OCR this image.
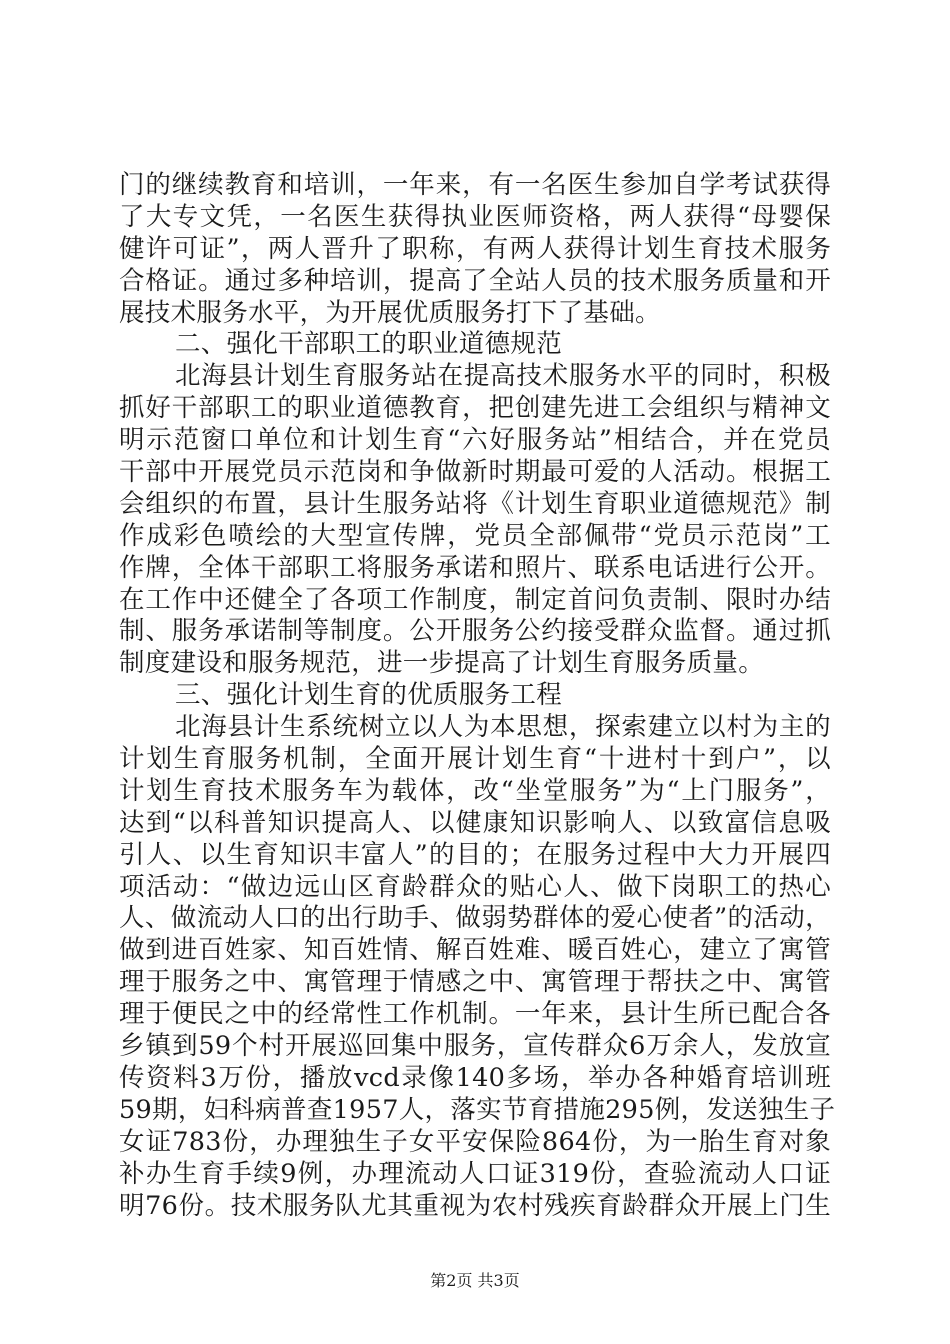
门的继续教育和培训，一年来，有一名医生参加自学考试获得
了大专文凭，一名医生获得执业医师资格，两人获得“母婴保
健许可证”，两人晋升了职称，有两人获得计划生育技术服务
合格证。通过多种培训，提高了全站人员的技术服务质量和开
展技术服务水平，为开展优质服务打下了基础。
二、强化干部职工的职业道德规范
北海县计划生育服务站在提高技术服务水平的同时，积极
抓好干部职工的职业道德教育，把创建先进工会组织与精神文
明示范窗口单位和计划生育“六好服务站”相结合，并在党员
干部中开展党员示范岗和争做新时期最可爱的人活动。根据工
会组织的布置，县计生服务站将《计划生育职业道德规范》制
作成彩色喷绘的大型宣传牌，党员全部佩带“党员示范岗”工
作牌，全体干部职工将服务承诺和照片、联系电话进行公开。
在工作中还健全了各项工作制度，制定首问负责制、限时办结
制、服务承诺制等制度。公开服务公约接受群众监督。通过抓
制度建设和服务规范，进一步提高了计划生育服务质量。
三、强化计划生育的优质服务工程
北海县计生系统树立以人为本思想，探索建立以村为主的
计划生育服务机制，全面开展计划生育“十进村十到户”，以
计划生育技术服务车为载体，改“坐堂服务”为“上门服务”，
达到“以科普知识提高人、以健康知识影响人、以致富信息吸
引人、以生育知识丰富人”的目的；在服务过程中大力开展四
项活动：“做边远山区育龄群众的贴心人、做下岗职工的热心
人、做流动人口的出行助手、做弱势群体的爱心使者”的活动，
做到进百姓家、知百姓情、解百姓难、暖百姓心，建立了寓管
理于服务之中、寓管理于情感之中、寓管理于帮扶之中、寓管
理于便民之中的经常性工作机制。一年来，县计生所已配合各
乡镇到59个村开展巡回集中服务，宣传群众6万余人，发放宣
传资料3万份，播放vcd录像140多场，举办各种婚育培训班
59期，妇科病普查1957人，落实节育措施295例，发送独生子
女证783份，办理独生子女平安保险864份，为一胎生育对象
补办生育手续9例，办理流动人口证319份，查验流动人口证
明76份。技术服务队尤其重视为农村残疾育龄群众开展上门生
第2页 共3页
